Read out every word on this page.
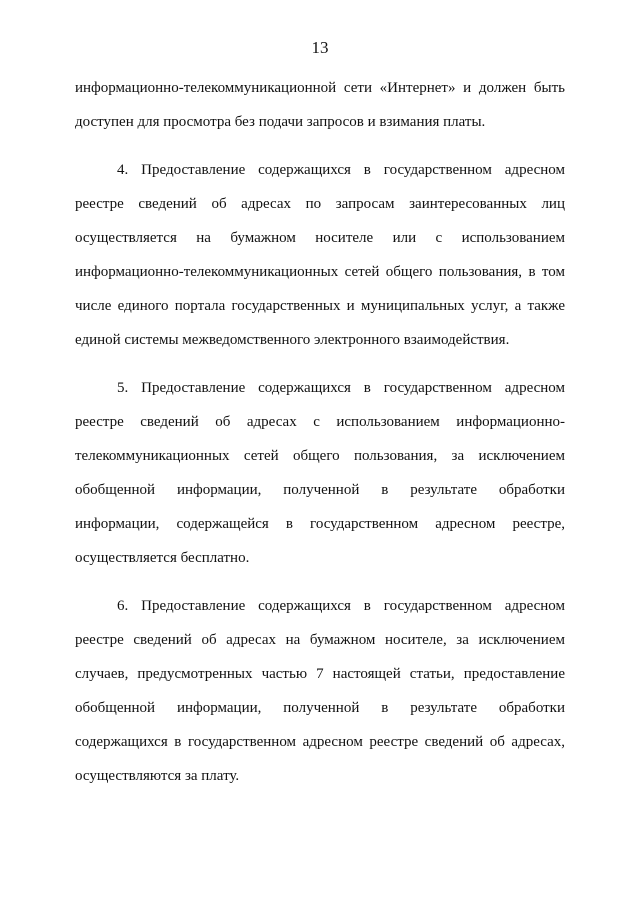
13
информационно-телекоммуникационной сети «Интернет» и должен быть
доступен для просмотра без подачи запросов и взимания платы.
4. Предоставление содержащихся в государственном адресном
реестре сведений об адресах по запросам заинтересованных лиц
осуществляется на бумажном носителе или с использованием
информационно-телекоммуникационных сетей общего пользования, в том
числе единого портала государственных и муниципальных услуг, а также
единой системы межведомственного электронного взаимодействия.
5. Предоставление содержащихся в государственном адресном
реестре сведений об адресах с использованием информационно-
телекоммуникационных сетей общего пользования, за исключением
обобщенной информации, полученной в результате обработки
информации, содержащейся в государственном адресном реестре,
осуществляется бесплатно.
6. Предоставление содержащихся в государственном адресном
реестре сведений об адресах на бумажном носителе, за исключением
случаев, предусмотренных частью 7 настоящей статьи, предоставление
обобщенной информации, полученной в результате обработки
содержащихся в государственном адресном реестре сведений об адресах,
осуществляются за плату.
